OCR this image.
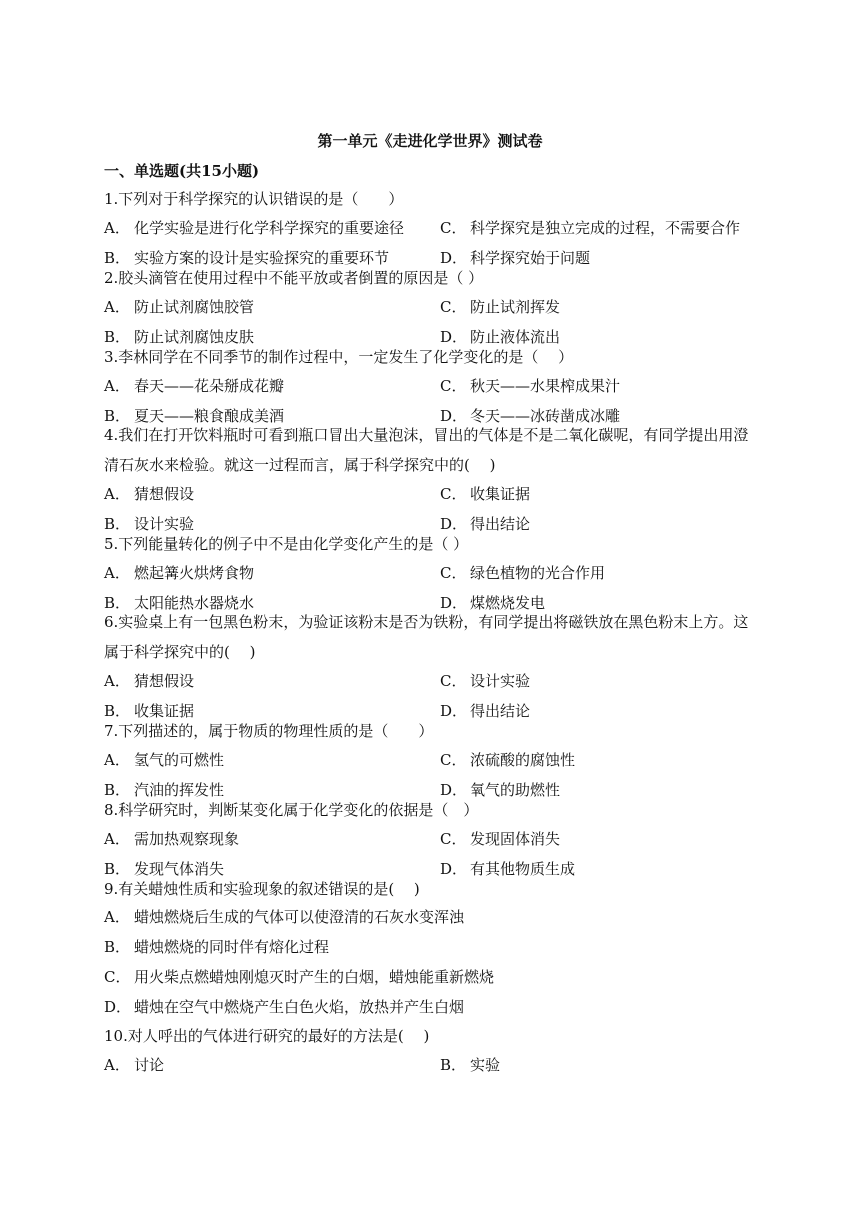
第一单元《走进化学世界》测试卷
一、单选题(共15小题)
1.下列对于科学探究的认识错误的是（　　）
A． 化学实验是进行化学科学探究的重要途径 C． 科学探究是独立完成的过程，不需要合作
B． 实验方案的设计是实验探究的重要环节	D． 科学探究始于问题
2.胶头滴管在使用过程中不能平放或者倒置的原因是（ ）
A． 防止试剂腐蚀胶管	C． 防止试剂挥发
B． 防止试剂腐蚀皮肤	D． 防止液体流出
3.李林同学在不同季节的制作过程中，一定发生了化学变化的是（　 ）
A． 春天——花朵掰成花瓣	C． 秋天——水果榨成果汁
B． 夏天——粮食酿成美酒	D． 冬天——冰砖凿成冰雕
4.我们在打开饮料瓶时可看到瓶口冒出大量泡沫，冒出的气体是不是二氧化碳呢，有同学提出用澄清石灰水来检验。就这一过程而言，属于科学探究中的(　 )
A． 猜想假设	C． 收集证据
B． 设计实验	D． 得出结论
5.下列能量转化的例子中不是由化学变化产生的是（ ）
A． 燃起篝火烘烤食物	C． 绿色植物的光合作用
B． 太阳能热水器烧水	D． 煤燃烧发电
6.实验桌上有一包黑色粉末，为验证该粉末是否为铁粉，有同学提出将磁铁放在黑色粉末上方。这属于科学探究中的(　 )
A． 猜想假设	C． 设计实验
B． 收集证据	D． 得出结论
7.下列描述的，属于物质的物理性质的是（　　）
A． 氢气的可燃性	C． 浓硫酸的腐蚀性
B． 汽油的挥发性	D． 氧气的助燃性
8.科学研究时，判断某变化属于化学变化的依据是（　）
A． 需加热观察现象	C． 发现固体消失
B． 发现气体消失	D． 有其他物质生成
9.有关蜡烛性质和实验现象的叙述错误的是(　 )
A． 蜡烛燃烧后生成的气体可以使澄清的石灰水变浑浊
B． 蜡烛燃烧的同时伴有熔化过程
C． 用火柴点燃蜡烛刚熄灭时产生的白烟，蜡烛能重新燃烧
D． 蜡烛在空气中燃烧产生白色火焰，放热并产生白烟
10.对人呼出的气体进行研究的最好的方法是(　 )
A． 讨论	B． 实验
